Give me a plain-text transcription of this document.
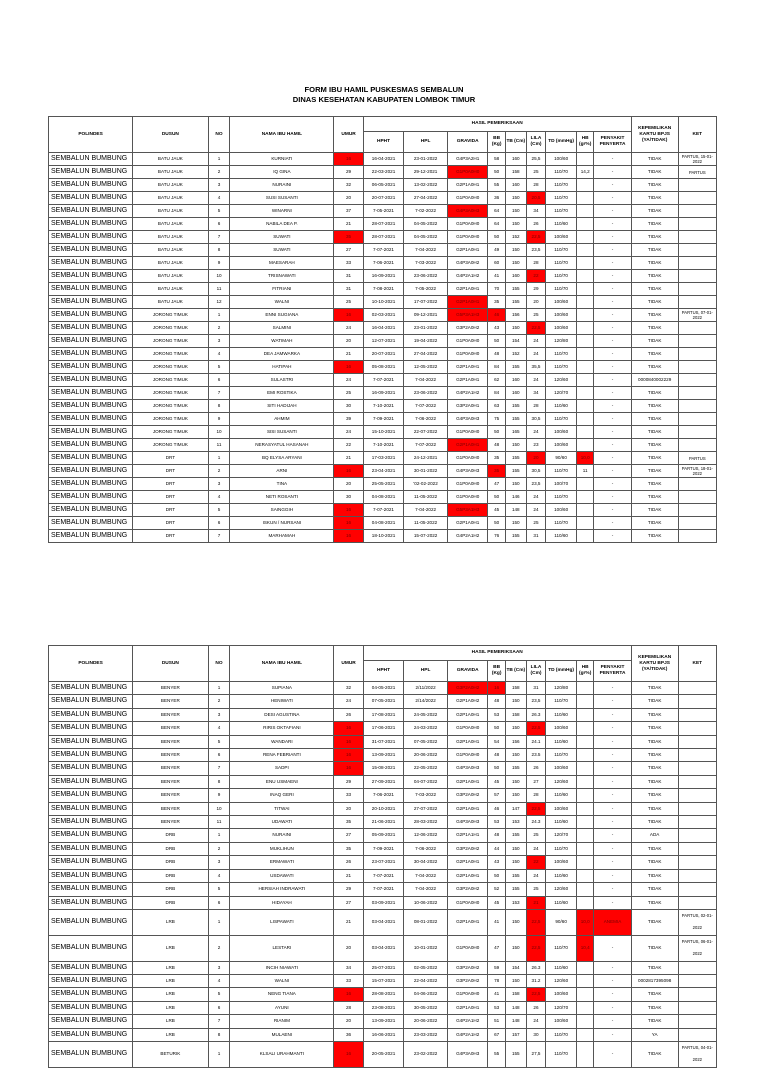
FORM IBU HAMIL PUSKESMAS SEMBALUN
DINAS KESEHATAN KABUPATEN LOMBOK TIMUR
POLINDES	DUSUN	NO	NAMA IBU HAMIL	UMUR	HASIL PEMERIKSAAN									KEPEMILIKAN KARTU BPJS (YA/TIDAK)	KET
					HPHT	HPL	GRAVIDA	BB (Kg)	TB (Cm)	LILA (Cm)	TD (mmHg)	HB (gr%)	PENYAKIT PENYERTA		
SEMBALUN BUMBUNG	BATU JAUK	1	KURNIATI	16	16-04-2021	23-01-2022	G4P3A2H1	58	160	25,5	100/60		-	TIDAK	PARTUS, 15-01-2022
SEMBALUN BUMBUNG	BATU JAUK	2	IQ GINA	29	22-03-2021	29-12-2021	G1P0A0H0	50	158	25	110/70	14,2	-	TIDAK	PARTUS
SEMBALUN BUMBUNG	BATU JAUK	3	NURAINI	32	06-05-2021	13-02-2022	G2P1A0H1	55	160	28	110/70		-	TIDAK	
SEMBALUN BUMBUNG	BATU JAUK	4	SUSI SUSANTI	20	20-07-2021	27-04-2022	G1P0A0H0	36	150	20,5	110/70		-	TIDAK	
SEMBALUN BUMBUNG	BATU JAUK	5	WINARNI	37	7-05-2021	7-02-2022	G4P3A0H3	64	150	34	110/70		-	TIDAK	
SEMBALUN BUMBUNG	BATU JAUK	6	NABILA DEA P.	21	28-07-2021	04-05-2022	G1P0A0H0	64	150	26	110/60		-	TIDAK	
SEMBALUN BUMBUNG	BATU JAUK	7	SUWATI	35	28-07-2021	04-05-2022	G1P0A0H0	50	152	22,5	100/60		-	TIDAK	
SEMBALUN BUMBUNG	BATU JAUK	8	SUWATI	27	7-07-2021	7-04-2022	G2P1A0H1	49	150	23,5	110/70		-	TIDAK	
SEMBALUN BUMBUNG	BATU JAUK	9	MAESARAH	33	7-06-2021	7-03-2022	G4P3A0H2	60	150	28	110/70		-	TIDAK	
SEMBALUN BUMBUNG	BATU JAUK	10	TRISNAWATI	31	16-09-2021	23-06-2022	G4P2A1H2	41	160	22	110/70		-	TIDAK	
SEMBALUN BUMBUNG	BATU JAUK	11	FITRIANI	31	7-08-2021	7-05-2022	G2P1A0H1	70	155	29	110/70		-	TIDAK	
SEMBALUN BUMBUNG	BATU JAUK	12	WALNI	25	10-10-2021	17-07-2022	G2P1A0H1	35	155	20	100/60		-	TIDAK	
SEMBALUN BUMBUNG	JORONG TIMUK	1	ENNI SUGIANA	16	02-03-2021	09-12-2021	G5P3A1H3	46	156	25	100/60		-	TIDAK	PARTUS, 07-01-2022
SEMBALUN BUMBUNG	JORONG TIMUK	2	SALMINI	24	16-04-2021	23-01-2022	G3P2A0H2	43	150	22,5	100/60		-	TIDAK	
SEMBALUN BUMBUNG	JORONG TIMUK	3	WATIMAH	20	12-07-2021	19-04-2022	G1P0A0H0	50	154	24	120/80		-	TIDAK	
SEMBALUN BUMBUNG	JORONG TIMUK	4	DEA JAMWARKA	21	20-07-2021	27-04-2022	G1P0A0H0	48	152	24	110/70		-	TIDAK	
SEMBALUN BUMBUNG	JORONG TIMUK	5	HATIPAH	16	05-08-2021	12-05-2022	G2P1A0H1	84	155	35,5	110/70		-	TIDAK	
SEMBALUN BUMBUNG	JORONG TIMUK	6	SULASTRI	24	7-07-2021	7-04-2022	G2P1A0H1	62	160	24	120/60		-	0000840002229	
SEMBALUN BUMBUNG	JORONG TIMUK	7	EMI ROSTIKA	25	16-09-2021	23-06-2022	G4P2A1H2	84	160	34	120/70		-	TIDAK	
SEMBALUN BUMBUNG	JORONG TIMUK	8	SITI HADIJAH	30	7-10-2021	7-07-2022	G3P2A0H1	63	155	28	110/60		-	TIDAK	
SEMBALUN BUMBUNG	JORONG TIMUK	9	AHMIM	39	7-09-2021	7-06-2022	G4P3A0H3	75	155	30,5	110/70		-	TIDAK	
SEMBALUN BUMBUNG	JORONG TIMUK	10	SISI SUSANTI	24	15-10-2021	22-07-2022	G1P0A0H0	50	165	24	100/60		-	TIDAK	
SEMBALUN BUMBUNG	JORONG TIMUK	11	NERASYATUL HASANAH	22	7-10-2021	7-07-2022	G2P1A0H1	48	150	23	100/60		-	TIDAK	
SEMBALUN BUMBUNG	DRT	1	BQ ELYSA ARYANI	21	17-03-2021	24-12-2021	G1P0A0H0	35	155	20	90/60	10,0	-	TIDAK	PARTUS
SEMBALUN BUMBUNG	DRT	2	ARNI	16	23-04-2021	30-01-2022	G4P3A0H3	35	155	30,5	110/70	11	-	TIDAK	PARTUS, 18-01-2022
SEMBALUN BUMBUNG	DRT	3	TINA	20	25-05-2021	'02-02-2022	G1P0A0H0	47	150	23,5	100/70		-	TIDAK	
SEMBALUN BUMBUNG	DRT	4	NETI ROSANTI	30	04-08-2021	11-05-2022	G1P0A0H0	50	146	24	110/70		-	TIDAK	
SEMBALUN BUMBUNG	DRT	5	SAINGGIH	16	7-07-2021	7-04-2022	G5P3A1H3	45	148	24	100/60		-	TIDAK	
SEMBALUN BUMBUNG	DRT	6	ISKUN / NURSANI	16	04-08-2021	11-05-2022	G2P1A0H1	50	150	25	110/70		-	TIDAK	
SEMBALUN BUMBUNG	DRT	7	MARHAMAH	16	18-10-2021	15-07-2022	G4P2A1H2	76	155	31	110/60		-	TIDAK	
POLINDES	DUSUN	NO	NAMA IBU HAMIL	UMUR	HASIL PEMERIKSAAN									KEPEMILIKAN KARTU BPJS (YA/TIDAK)	KET
					HPHT	HPL	GRAVIDA	BB (Kg)	TB (Cm)	LILA (Cm)	TD (mmHg)	HB (gr%)	PENYAKIT PENYERTA		
SEMBALUN BUMBUNG	BENYER	1	SUPIANA	32	04-05-2021	2/11/2022	G3P2A0H2	16	158	31	120/80		-	TIDAK	
SEMBALUN BUMBUNG	BENYER	2	HENIWATI	24	07-05-2021	2/14/2022	G2P1A0H2	48	150	23,5	110/70		-	TIDAK	
SEMBALUN BUMBUNG	BENYER	3	DESI AGUSTINA	26	17-08-2021	24-05-2022	G2P1A0H1	53	158	26.3	110/60		-	TIDAK	
SEMBALUN BUMBUNG	BENYER	4	RIRIS OKTAFIANI	16	17-06-2021	24-03-2022	G1P0A0H0	50	150	22,5	100/60		-	TIDAK	
SEMBALUN BUMBUNG	BENYER	5	WANDARI	16	31-07-2021	07-05-2022	G2P1A0H1	54	156	24.1	110/60		-	TIDAK	
SEMBALUN BUMBUNG	BENYER	6	RENA FEBRIANTI	16	13-09-2021	20-06-2022	G1P0A0H0	48	150	23.5	110/70		-	TIDAK	
SEMBALUN BUMBUNG	BENYER	7	SADPI	16	15-08-2021	22-05-2022	G4P3A0H3	50	155	26	100/60		-	TIDAK	
SEMBALUN BUMBUNG	BENYER	8	ENU USMAENI	29	27-09-2021	04-07-2022	G2P1A0H1	45	150	27	120/60		-	TIDAK	
SEMBALUN BUMBUNG	BENYER	9	INAQ GERI	33	7-06-2021	7-03-2022	G3P2A0H2	57	150	28	110/60		-	TIDAK	
SEMBALUN BUMBUNG	BENYER	10	TITWAI	20	20-10-2021	27-07-2022	G2P1A0H1	46	147	22,5	100/60		-	TIDAK	
SEMBALUN BUMBUNG	BENYER	11	UDAWATI	35	21-06-2021	28-03-2022	G4P3A0H3	53	153	24.3	110/60		-	TIDAK	
SEMBALUN BUMBUNG	DRB	1	NURAINI	27	05-09-2021	12-06-2022	G2P1A1H1	48	155	25	120/70		-	ADA	
SEMBALUN BUMBUNG	DRB	2	MUKLIHUN	35	7-09-2021	7-06-2022	G3P2A0H2	44	150	24	110/70		-	TIDAK	
SEMBALUN BUMBUNG	DRB	3	ERMAWATI	26	23-07-2021	30-04-2022	G2P1A0H1	43	150	22	100/60		-	TIDAK	
SEMBALUN BUMBUNG	DRB	4	USDAWATI	21	7-07-2021	7-04-2022	G2P1A0H1	50	155	24	110/60		-	TIDAK	
SEMBALUN BUMBUNG	DRB	5	HERSIAH INDRAWATI	29	7-07-2021	7-04-2022	G3P2A0H2	52	155	25	120/60		-	TIDAK	
SEMBALUN BUMBUNG	DRB	6	HIDAYAH	27	03-09-2021	10-06-2022	G1P0A0H0	45	153	21	110/60		-	TIDAK	
SEMBALUN BUMBUNG	LRB	1	LISPAWATI	21	03-04-2021	08-01-2022	G2P1A0H1	41	150	22,5	90/60	10,0	ANEMIA	TIDAK	PARTUS, 02-01-2022
SEMBALUN BUMBUNG	LRB	2	LESTARI	20	03-04-2021	10-01-2022	G1P0A0H0	47	150	22,5	110/70	10,4	-	TIDAK	PARTUS, 06-01-2022
SEMBALUN BUMBUNG	LRB	3	INCIH NIAWATI	34	25-07-2021	02-05-2022	G3P2A0H2	59	154	26.3	110/60		-	TIDAK	
SEMBALUN BUMBUNG	LRB	4	WALNI	33	15-07-2021	22-04-2022	G3P2A0H2	78	150	31.2	120/60		-	0002817395098	
SEMBALUN BUMBUNG	LRB	5	NENG TIANA	16	28-08-2021	04-06-2022	G1P0A0H0	41	158	22,5	100/60		-	TIDAK	
SEMBALUN BUMBUNG	LRB	6	AYUNI	28	23-08-2021	30-05-2022	G2P1A0H1	53	148	26	120/70		-	TIDAK	
SEMBALUN BUMBUNG	LRB	7	RIANIM	20	13-09-2021	20-06-2022	G4P2A1H2	51	148	24	100/60		-	TIDAK	
SEMBALUN BUMBUNG	LRB	8	MULAENI	36	16-06-2021	23-03-2022	G4P2A1H2	67	157	30	110/70		-	YA	
SEMBALUN BUMBUNG	BETURIK	1	KLSALI URAHMANTI	16	20-05-2021	23-02-2022	G4P3A0H3	55	155	27,5	110/70		-	TIDAK	PARTUS, 04-01-2022
